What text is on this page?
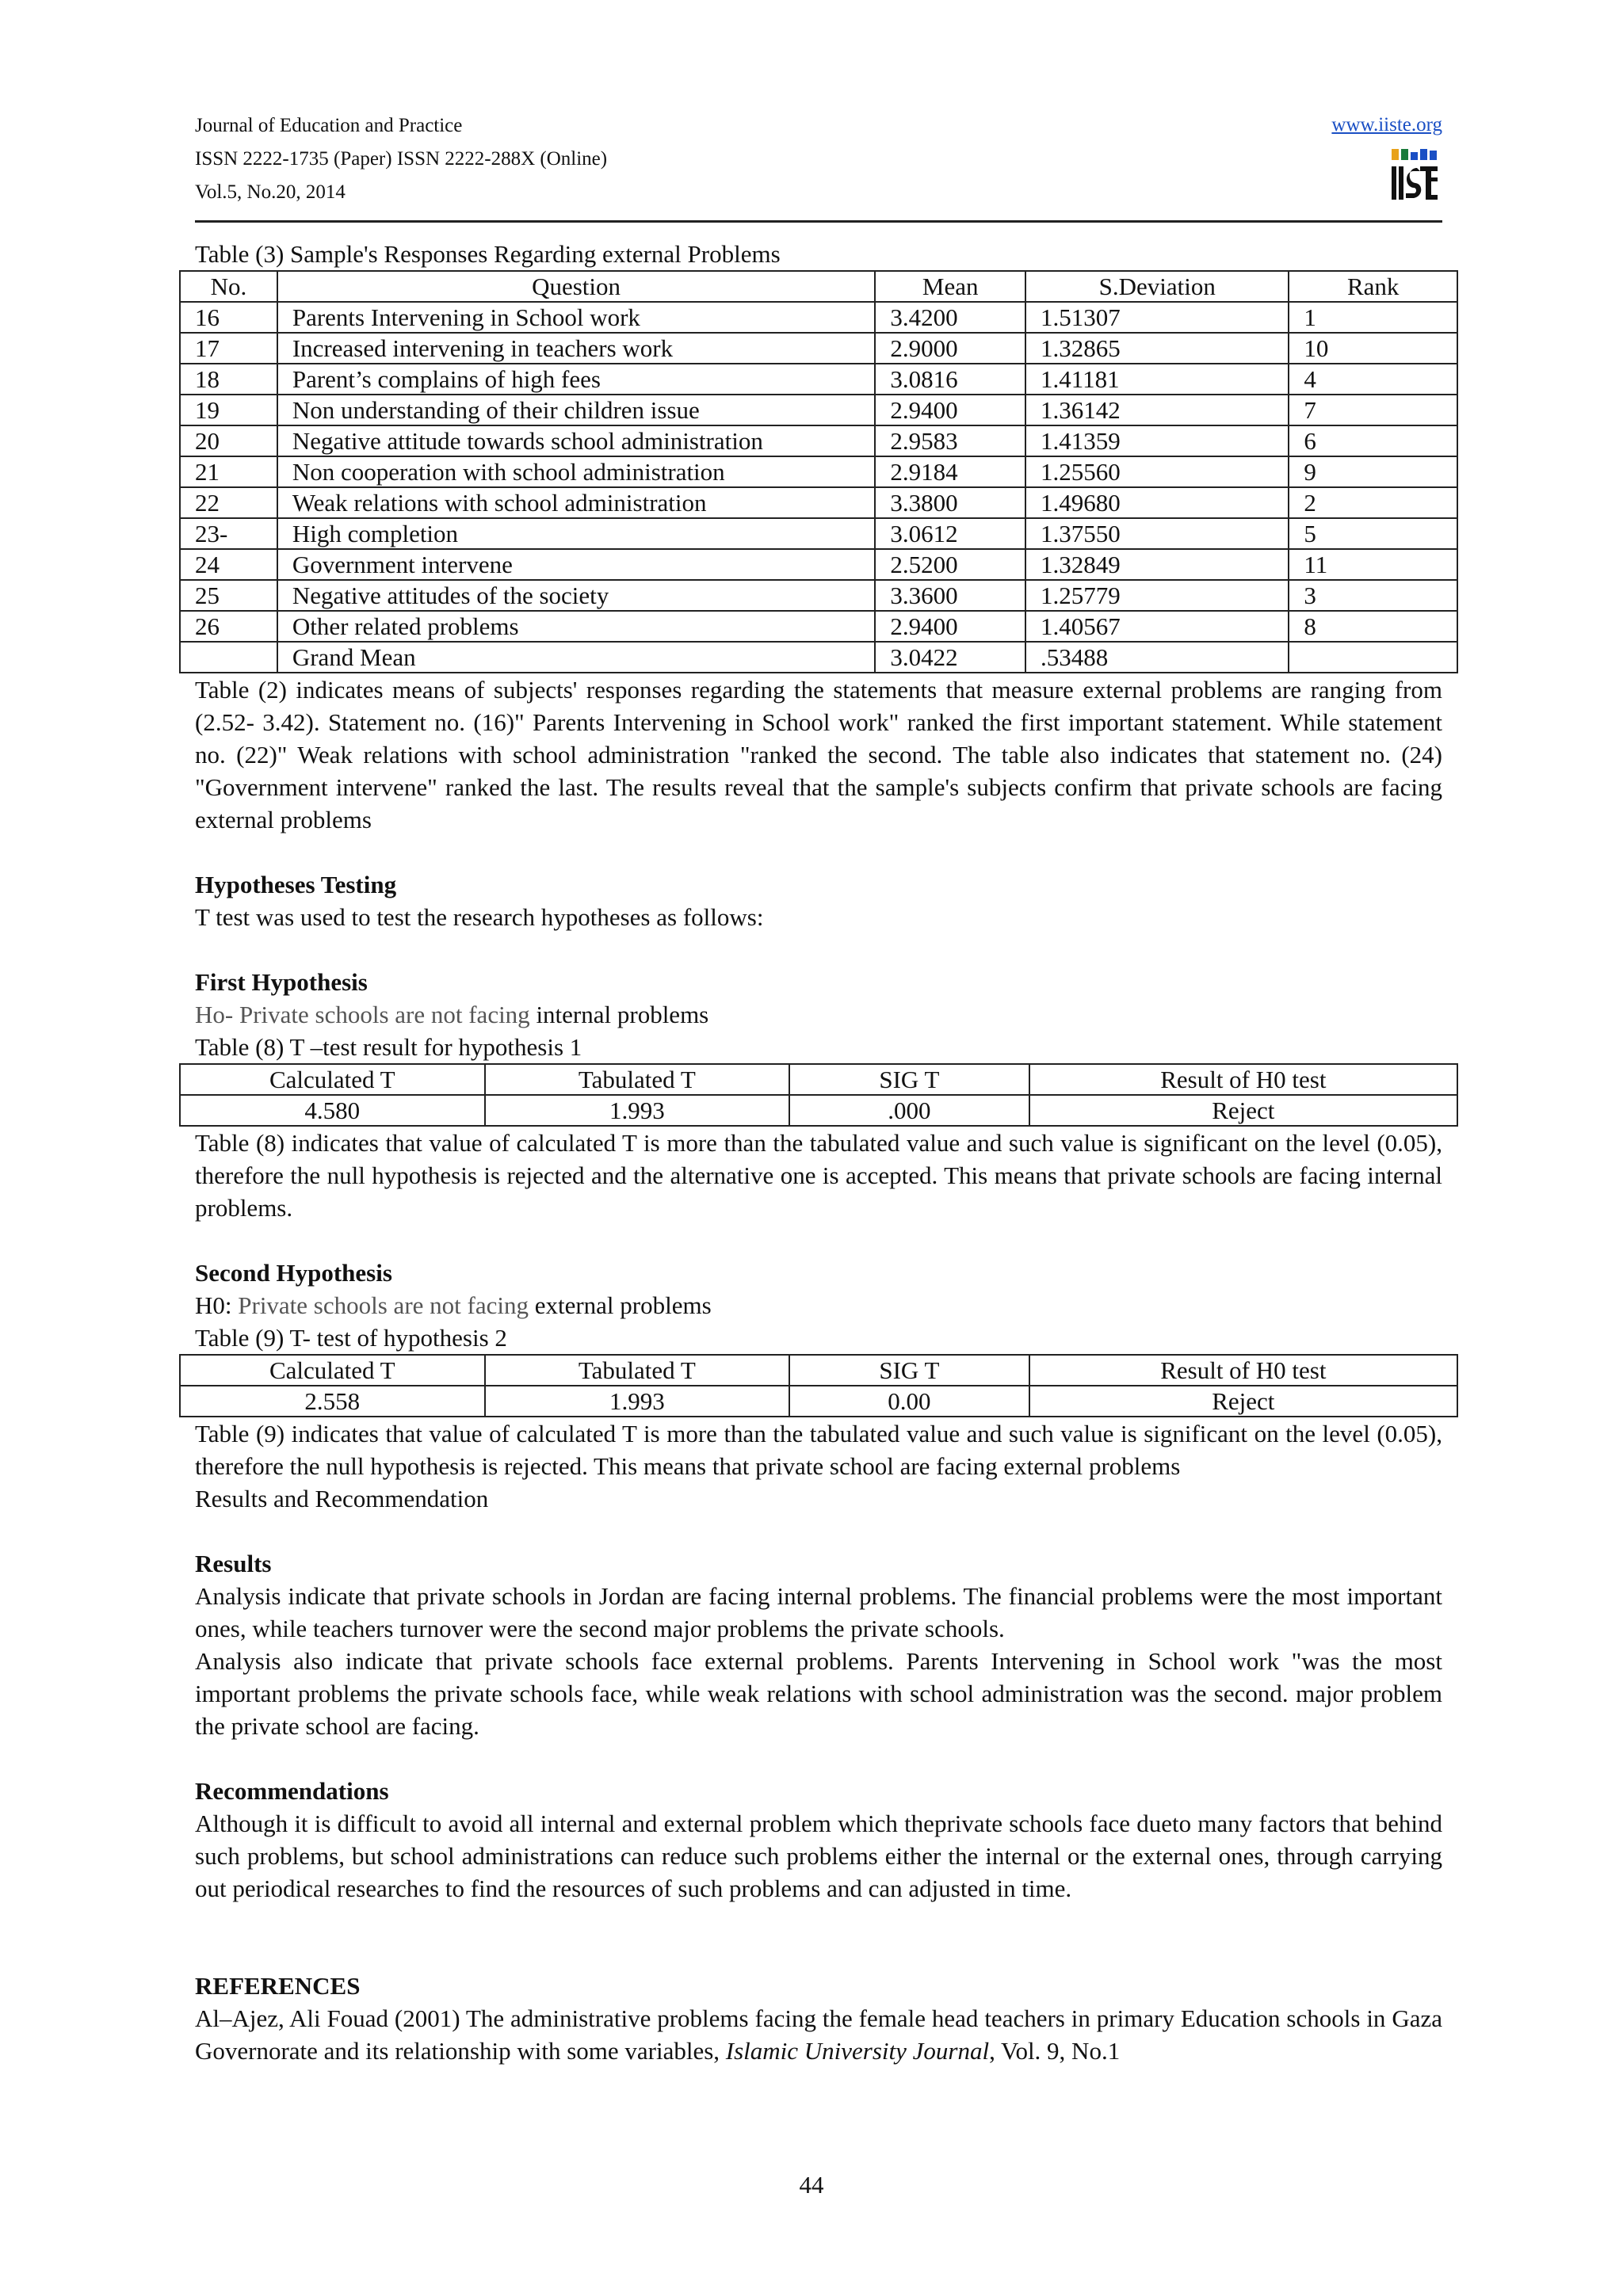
Journal of Education and Practice
ISSN 2222-1735 (Paper) ISSN 2222-288X (Online)
Vol.5, No.20, 2014
www.iiste.org
Table (3) Sample's Responses Regarding external Problems
No.	Question	Mean	S.Deviation	Rank
16	Parents Intervening in School work	3.4200	1.51307	1
17	Increased intervening in teachers work	2.9000	1.32865	10
18	Parent’s complains of high fees	3.0816	1.41181	4
19	Non understanding of their children issue	2.9400	1.36142	7
20	Negative attitude towards school administration	2.9583	1.41359	6
21	Non cooperation with school administration	2.9184	1.25560	9
22	Weak relations with school administration	3.3800	1.49680	2
23-	High completion	3.0612	1.37550	5
24	Government intervene	2.5200	1.32849	11
25	Negative attitudes of the society	3.3600	1.25779	3
26	Other related problems	2.9400	1.40567	8
	Grand Mean	3.0422	.53488	

Table (2) indicates means of subjects' responses regarding the statements that measure external problems are ranging from (2.52- 3.42). Statement no. (16)" Parents Intervening in School work" ranked the first important statement. While statement no. (22)" Weak relations with school administration "ranked the second. The table also indicates that statement no. (24) "Government intervene" ranked the last. The results reveal that the sample's subjects confirm that private schools are facing external problems

Hypotheses Testing

T test was used to test the research hypotheses as follows:

First Hypothesis
Ho- Private schools are not facing internal problems
Table (8) T –test result for hypothesis 1
Calculated T	Tabulated T	SIG T	Result of H0 test
4.580	1.993	.000	Reject

Table (8) indicates that value of calculated T is more than the tabulated value and such value is significant on the level (0.05), therefore the null hypothesis is rejected and the alternative one is accepted. This means that private schools are facing internal problems.

Second Hypothesis
H0: Private schools are not facing external problems
Table (9) T- test of hypothesis 2
Calculated T	Tabulated T	SIG T	Result of H0 test
2.558	1.993	0.00	Reject

Table (9) indicates that value of calculated T is more than the tabulated value and such value is significant on the level (0.05), therefore the null hypothesis is rejected. This means that private school are facing external problems

Results and Recommendation

Results

Analysis indicate that private schools in Jordan are facing internal problems. The financial problems were the most important ones, while teachers turnover were the second major problems the private schools.

Analysis also indicate that private schools face external problems. Parents Intervening in School work "was the most important problems the private schools face, while weak relations with school administration was the second. major problem the private school are facing.

Recommendations

Although it is difficult to avoid all internal and external problem which theprivate schools face dueto many factors that behind such problems, but school administrations can reduce such problems either the internal or the external ones, through carrying out periodical researches to find the resources of such problems and can adjusted in time.

REFERENCES

Al–Ajez, Ali Fouad (2001) The administrative problems facing the female head teachers in primary Education schools in Gaza Governorate and its relationship with some variables, Islamic University Journal, Vol. 9, No.1

44
